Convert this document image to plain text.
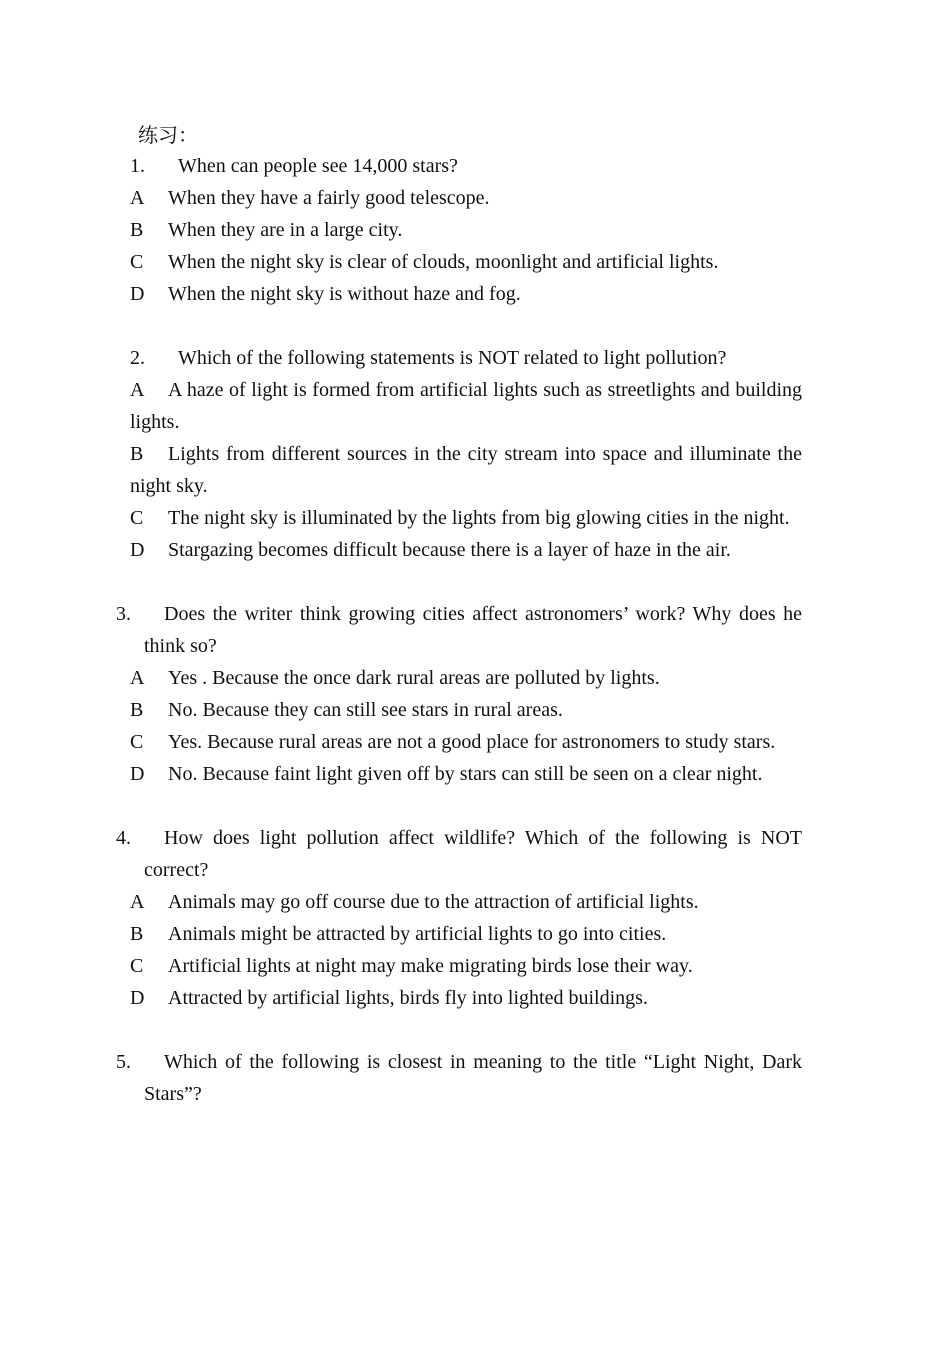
练习：
1. When can people see 14,000 stars?
A When they have a fairly good telescope.
B When they are in a large city.
C When the night sky is clear of clouds, moonlight and artificial lights.
D When the night sky is without haze and fog.
2. Which of the following statements is NOT related to light pollution?
A A haze of light is formed from artificial lights such as streetlights and building lights.
B Lights from different sources in the city stream into space and illuminate the night sky.
C The night sky is illuminated by the lights from big glowing cities in the night.
D Stargazing becomes difficult because there is a layer of haze in the air.
3. Does the writer think growing cities affect astronomers’ work? Why does he think so?
A Yes . Because the once dark rural areas are polluted by lights.
B No. Because they can still see stars in rural areas.
C Yes. Because rural areas are not a good place for astronomers to study stars.
D No. Because faint light given off by stars can still be seen on a clear night.
4. How does light pollution affect wildlife? Which of the following is NOT correct?
A Animals may go off course due to the attraction of artificial lights.
B Animals might be attracted by artificial lights to go into cities.
C Artificial lights at night may make migrating birds lose their way.
D Attracted by artificial lights, birds fly into lighted buildings.
5. Which of the following is closest in meaning to the title “Light Night, Dark Stars”?
